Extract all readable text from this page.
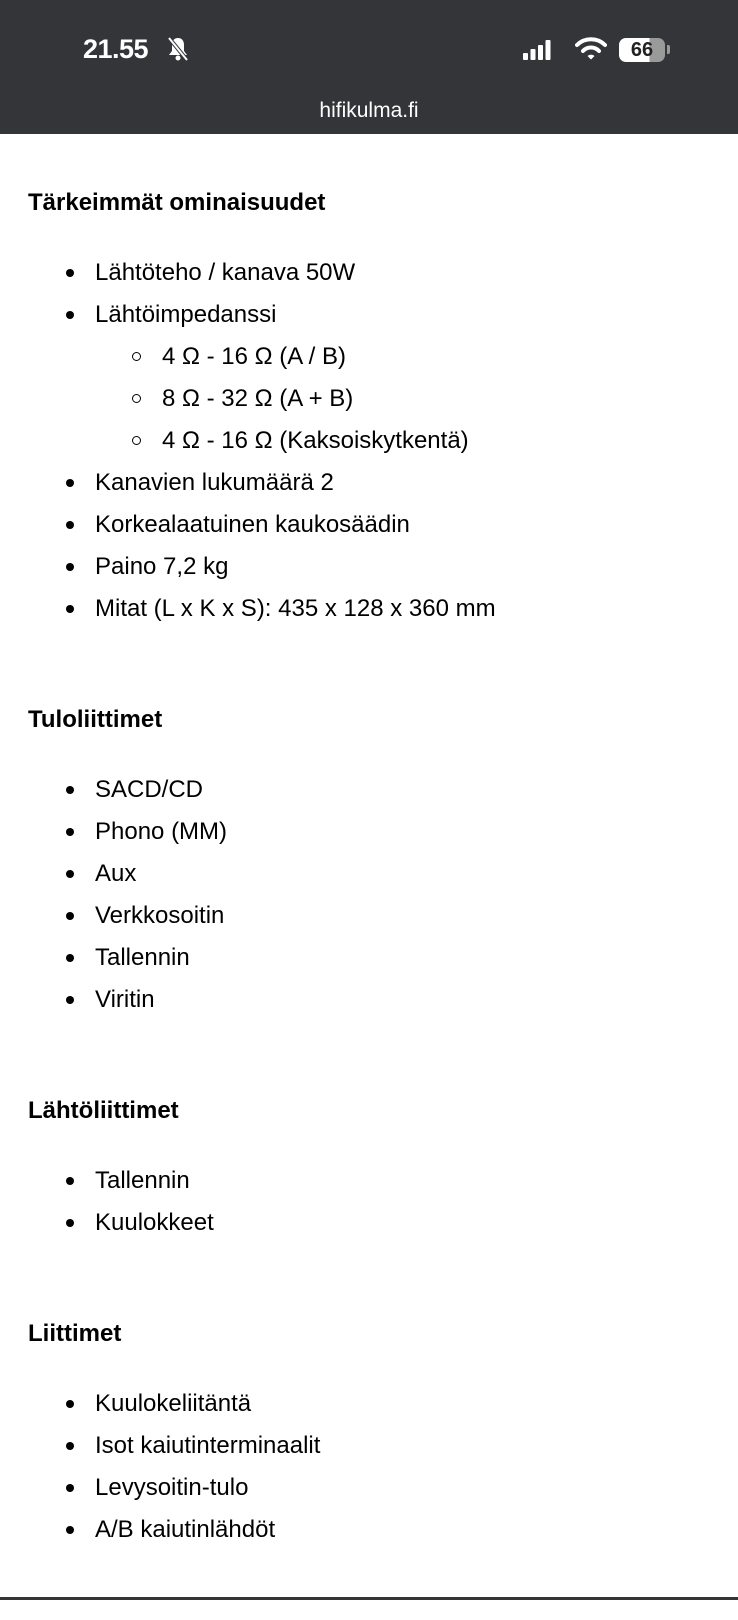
21.55	66
hifikulma.fi
Tärkeimmät ominaisuudet
Lähtöteho / kanava 50W
Lähtöimpedanssi
4 Ω - 16 Ω (A / B)
8 Ω - 32 Ω (A + B)
4 Ω - 16 Ω (Kaksoiskytkentä)
Kanavien lukumäärä 2
Korkealaatuinen kaukosäädin
Paino 7,2 kg
Mitat (L x K x S): 435 x 128 x 360 mm
Tuloliittimet
SACD/CD
Phono (MM)
Aux
Verkkosoitin
Tallennin
Viritin
Lähtöliittimet
Tallennin
Kuulokkeet
Liittimet
Kuulokeliitäntä
Isot kaiutinterminaalit
Levysoitin-tulo
A/B kaiutinlähdöt
